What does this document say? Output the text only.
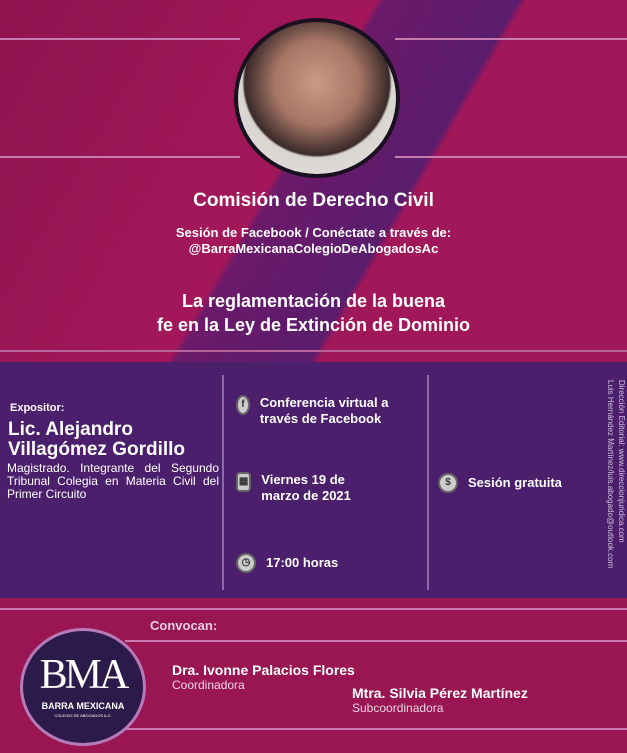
Comisión de Derecho Civil
Sesión de Facebook / Conéctate a través de:
@BarraMexicanaColegioDeAbogadosAc
La reglamentación de la buena
fe en la Ley de Extinción de Dominio
Expositor:
Lic. Alejandro
Villagómez Gordillo
Magistrado. Integrante del Segundo Tribunal Colegia en Materia Civil del Primer Circuito
f	Conferencia virtual a través de Facebook
▦ Viernes 19 de marzo de 2021
◷	17:00 horas
$	Sesión gratuita	Dirección Editorial: www.direccionjuridica.com
Luis Hernández Martínez/luis.abogado@outlook.com
Convocan:
Dra. Ivonne Palacios Flores
Coordinadora	Mtra. Silvia Pérez Martínez
Subcoordinadora
BMA
BARRA MEXICANA
COLEGIO DE ABOGADOS A.C.
